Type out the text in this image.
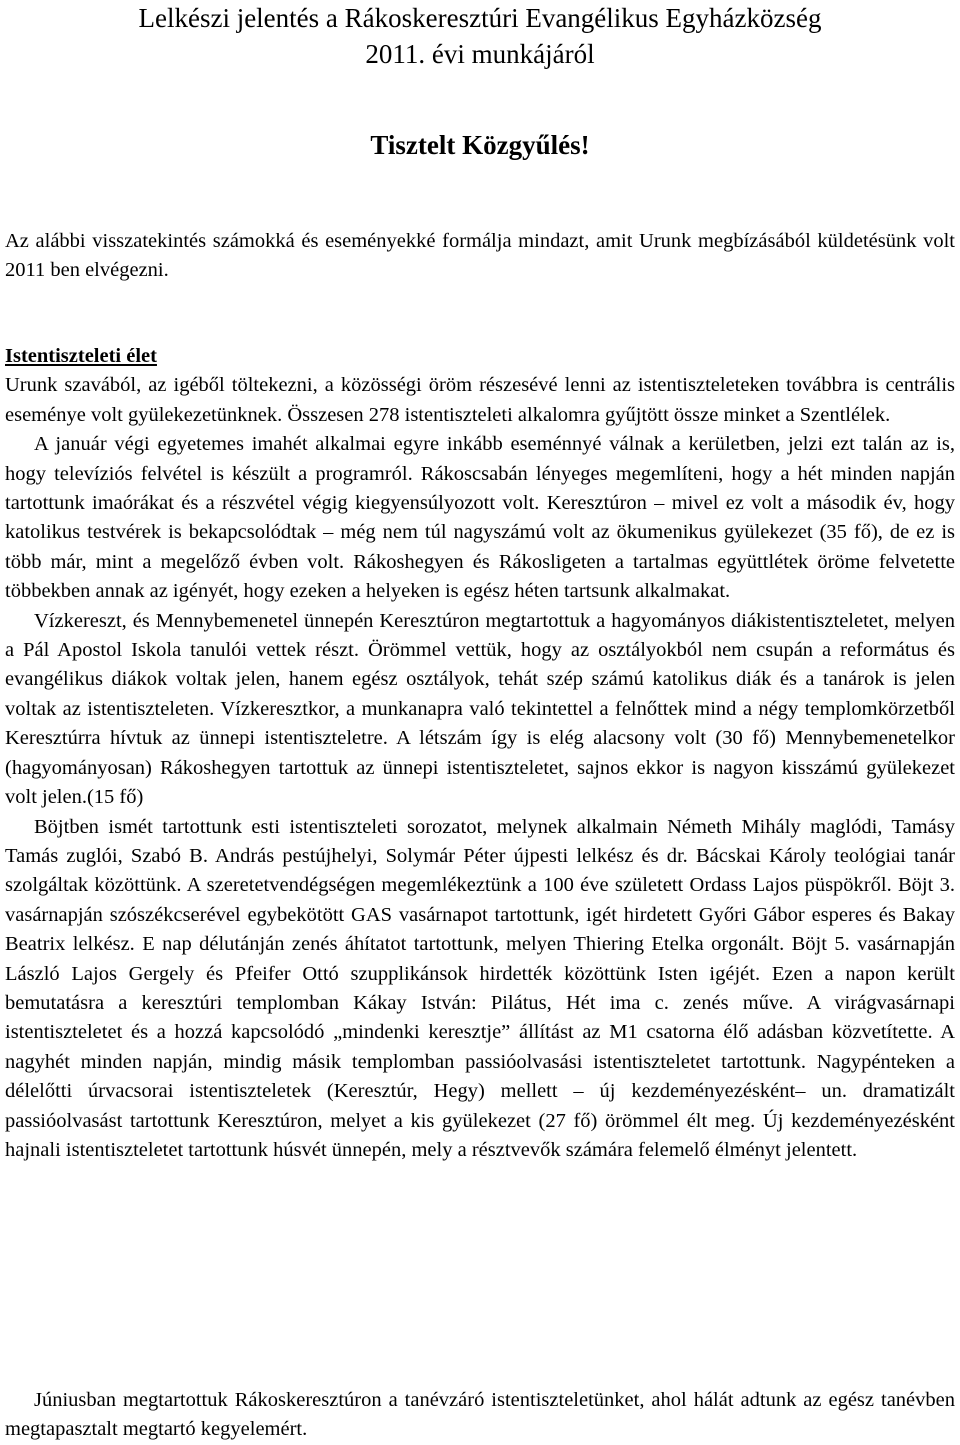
Lelkészi jelentés a Rákoskeresztúri Evangélikus Egyházközség
2011. évi munkájáról

Tisztelt Közgyűlés!

Az alábbi visszatekintés számokká és eseményekké formálja mindazt, amit Urunk megbízásából küldetésünk volt 2011 ben elvégezni.

Istentiszteleti élet
Urunk szavából, az igéből töltekezni, a közösségi öröm részesévé lenni az istentiszteleteken továbbra is centrális eseménye volt gyülekezetünknek. Összesen 278 istentiszteleti alkalomra gyűjtött össze minket a Szentlélek.
A január végi egyetemes imahét alkalmai egyre inkább eseménnyé válnak a kerületben, jelzi ezt talán az is, hogy televíziós felvétel is készült a programról. Rákoscsabán lényeges megemlíteni, hogy a hét minden napján tartottunk imaórákat és a részvétel végig kiegyensúlyozott volt. Keresztúron – mivel ez volt a második év, hogy katolikus testvérek is bekapcsolódtak – még nem túl nagyszámú volt az ökumenikus gyülekezet (35 fő), de ez is több már, mint a megelőző évben volt. Rákoshegyen és Rákosligeten a tartalmas együttlétek öröme felvetette többekben annak az igényét, hogy ezeken a helyeken is egész héten tartsunk alkalmakat.
Vízkereszt, és Mennybemenetel ünnepén Keresztúron megtartottuk a hagyományos diákistentiszteletet, melyen a Pál Apostol Iskola tanulói vettek részt. Örömmel vettük, hogy az osztályokból nem csupán a református és evangélikus diákok voltak jelen, hanem egész osztályok, tehát szép számú katolikus diák és a tanárok is jelen voltak az istentiszteleten. Vízkeresztkor, a munkanapra való tekintettel a felnőttek mind a négy templomkörzetből Keresztúrra hívtuk az ünnepi istentiszteletre. A létszám így is elég alacsony volt (30 fő) Mennybemenetelkor (hagyományosan) Rákoshegyen tartottuk az ünnepi istentiszteletet, sajnos ekkor is nagyon kisszámú gyülekezet volt jelen.(15 fő)
Böjtben ismét tartottunk esti istentiszteleti sorozatot, melynek alkalmain Németh Mihály maglódi, Tamásy Tamás zuglói, Szabó B. András pestújhelyi, Solymár Péter újpesti lelkész és dr. Bácskai Károly teológiai tanár szolgáltak közöttünk. A szeretetvendégségen megemlékeztünk a 100 éve született Ordass Lajos püspökről. Böjt 3. vasárnapján szószékcserével egybekötött GAS vasárnapot tartottunk, igét hirdetett Győri Gábor esperes és Bakay Beatrix lelkész. E nap délutánján zenés áhítatot tartottunk, melyen Thiering Etelka orgonált. Böjt 5. vasárnapján László Lajos Gergely és Pfeifer Ottó szupplikánsok hirdették közöttünk Isten igéjét. Ezen a napon került bemutatásra a keresztúri templomban Kákay István: Pilátus, Hét ima c. zenés műve. A virágvasárnapi istentiszteletet és a hozzá kapcsolódó „mindenki keresztje” állítást az M1 csatorna élő adásban közvetítette. A nagyhét minden napján, mindig másik templomban passióolvasási istentiszteletet tartottunk. Nagypénteken a délelőtti úrvacsorai istentiszteletek (Keresztúr, Hegy) mellett – új kezdeményezésként– un. dramatizált passióolvasást tartottunk Keresztúron, melyet a kis gyülekezet (27 fő) örömmel élt meg. Új kezdeményezésként hajnali istentiszteletet tartottunk húsvét ünnepén, mely a résztvevők számára felemelő élményt jelentett.

Júniusban megtartottuk Rákoskeresztúron a tanévzáró istentiszteletünket, ahol hálát adtunk az egész tanévben megtapasztalt megtartó kegyelemért.
